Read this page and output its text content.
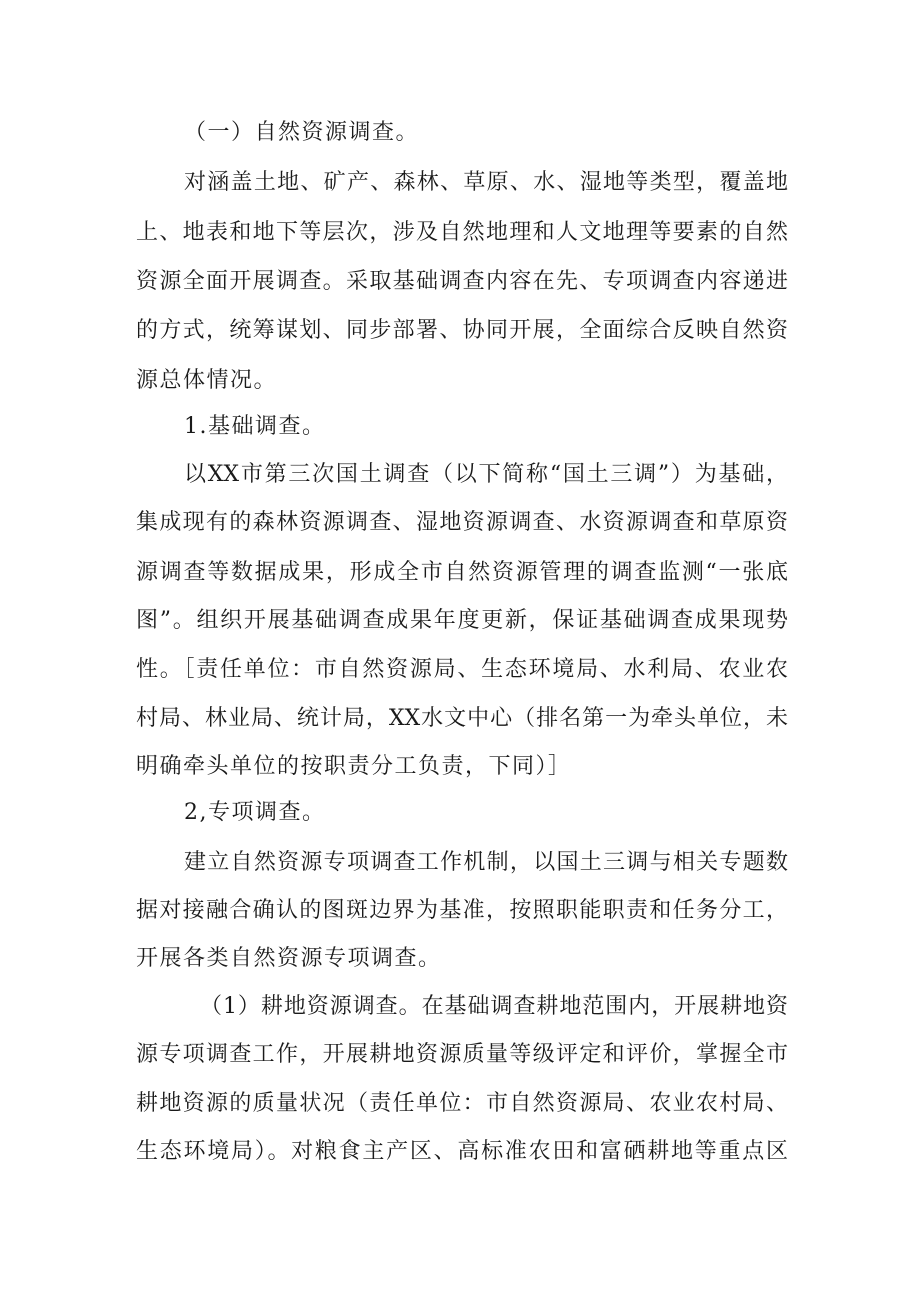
（一）自然资源调查。
对涵盖土地、矿产、森林、草原、水、湿地等类型，覆盖地
上、地表和地下等层次，涉及自然地理和人文地理等要素的自然
资源全面开展调查。采取基础调查内容在先、专项调查内容递进
的方式，统筹谋划、同步部署、协同开展，全面综合反映自然资
源总体情况。
1.基础调查。
以XX市第三次国土调查（以下简称“国土三调”）为基础，
集成现有的森林资源调查、湿地资源调查、水资源调查和草原资
源调查等数据成果，形成全市自然资源管理的调查监测“一张底
图”。组织开展基础调查成果年度更新，保证基础调查成果现势
性。［责任单位：市自然资源局、生态环境局、水利局、农业农
村局、林业局、统计局，XX水文中心（排名第一为牵头单位，未
明确牵头单位的按职责分工负责，下同）］
2,专项调查。
建立自然资源专项调查工作机制，以国土三调与相关专题数
据对接融合确认的图斑边界为基准，按照职能职责和任务分工，
开展各类自然资源专项调查。
（1）耕地资源调查。在基础调查耕地范围内，开展耕地资
源专项调查工作，开展耕地资源质量等级评定和评价，掌握全市
耕地资源的质量状况（责任单位：市自然资源局、农业农村局、
生态环境局）。对粮食主产区、高标准农田和富硒耕地等重点区
